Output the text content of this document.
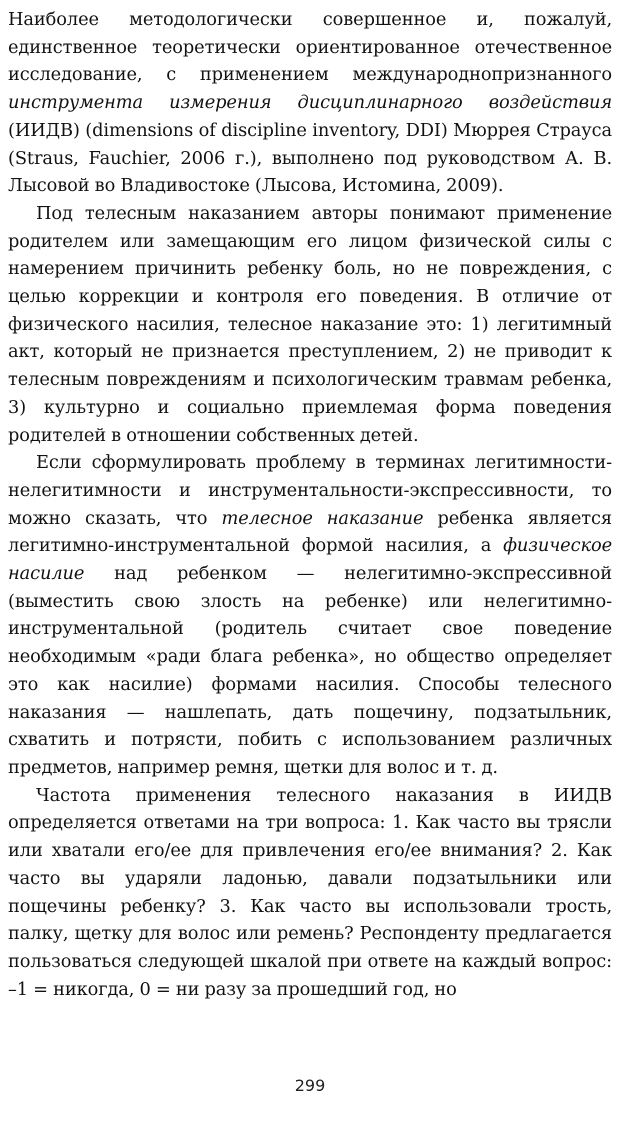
Наиболее методологически совершенное и, пожалуй, единственное теоретически ориентированное отечественное исследование, с применением международнопризнанного инструмента измерения дисциплинарного воздействия (ИИДВ) (dimensions of discipline inventory, DDI) Мюррея Страуса (Straus, Fauchier, 2006 г.), выполнено под руководством А. В. Лысовой во Владивостоке (Лысова, Истомина, 2009).

Под телесным наказанием авторы понимают применение родителем или замещающим его лицом физической силы с намерением причинить ребенку боль, но не повреждения, с целью коррекции и контроля его поведения. В отличие от физического насилия, телесное наказание это: 1) легитимный акт, который не признается преступлением, 2) не приводит к телесным повреждениям и психологическим травмам ребенка, 3) культурно и социально приемлемая форма поведения родителей в отношении собственных детей.

Если сформулировать проблему в терминах легитимности-нелегитимности и инструментальности-экспрессивности, то можно сказать, что телесное наказание ребенка является легитимно-инструментальной формой насилия, а физическое насилие над ребенком — нелегитимно-экспрессивной (выместить свою злость на ребенке) или нелегитимно-инструментальной (родитель считает свое поведение необходимым «ради блага ребенка», но общество определяет это как насилие) формами насилия. Способы телесного наказания — нашлепать, дать пощечину, подзатыльник, схватить и потрясти, побить с использованием различных предметов, например ремня, щетки для волос и т. д.

Частота применения телесного наказания в ИИДВ определяется ответами на три вопроса: 1. Как часто вы трясли или хватали его/ее для привлечения его/ее внимания? 2. Как часто вы ударяли ладонью, давали подзатыльники или пощечины ребенку? 3. Как часто вы использовали трость, палку, щетку для волос или ремень? Респонденту предлагается пользоваться следующей шкалой при ответе на каждый вопрос: –1 = никогда, 0 = ни разу за прошедший год, но

299
